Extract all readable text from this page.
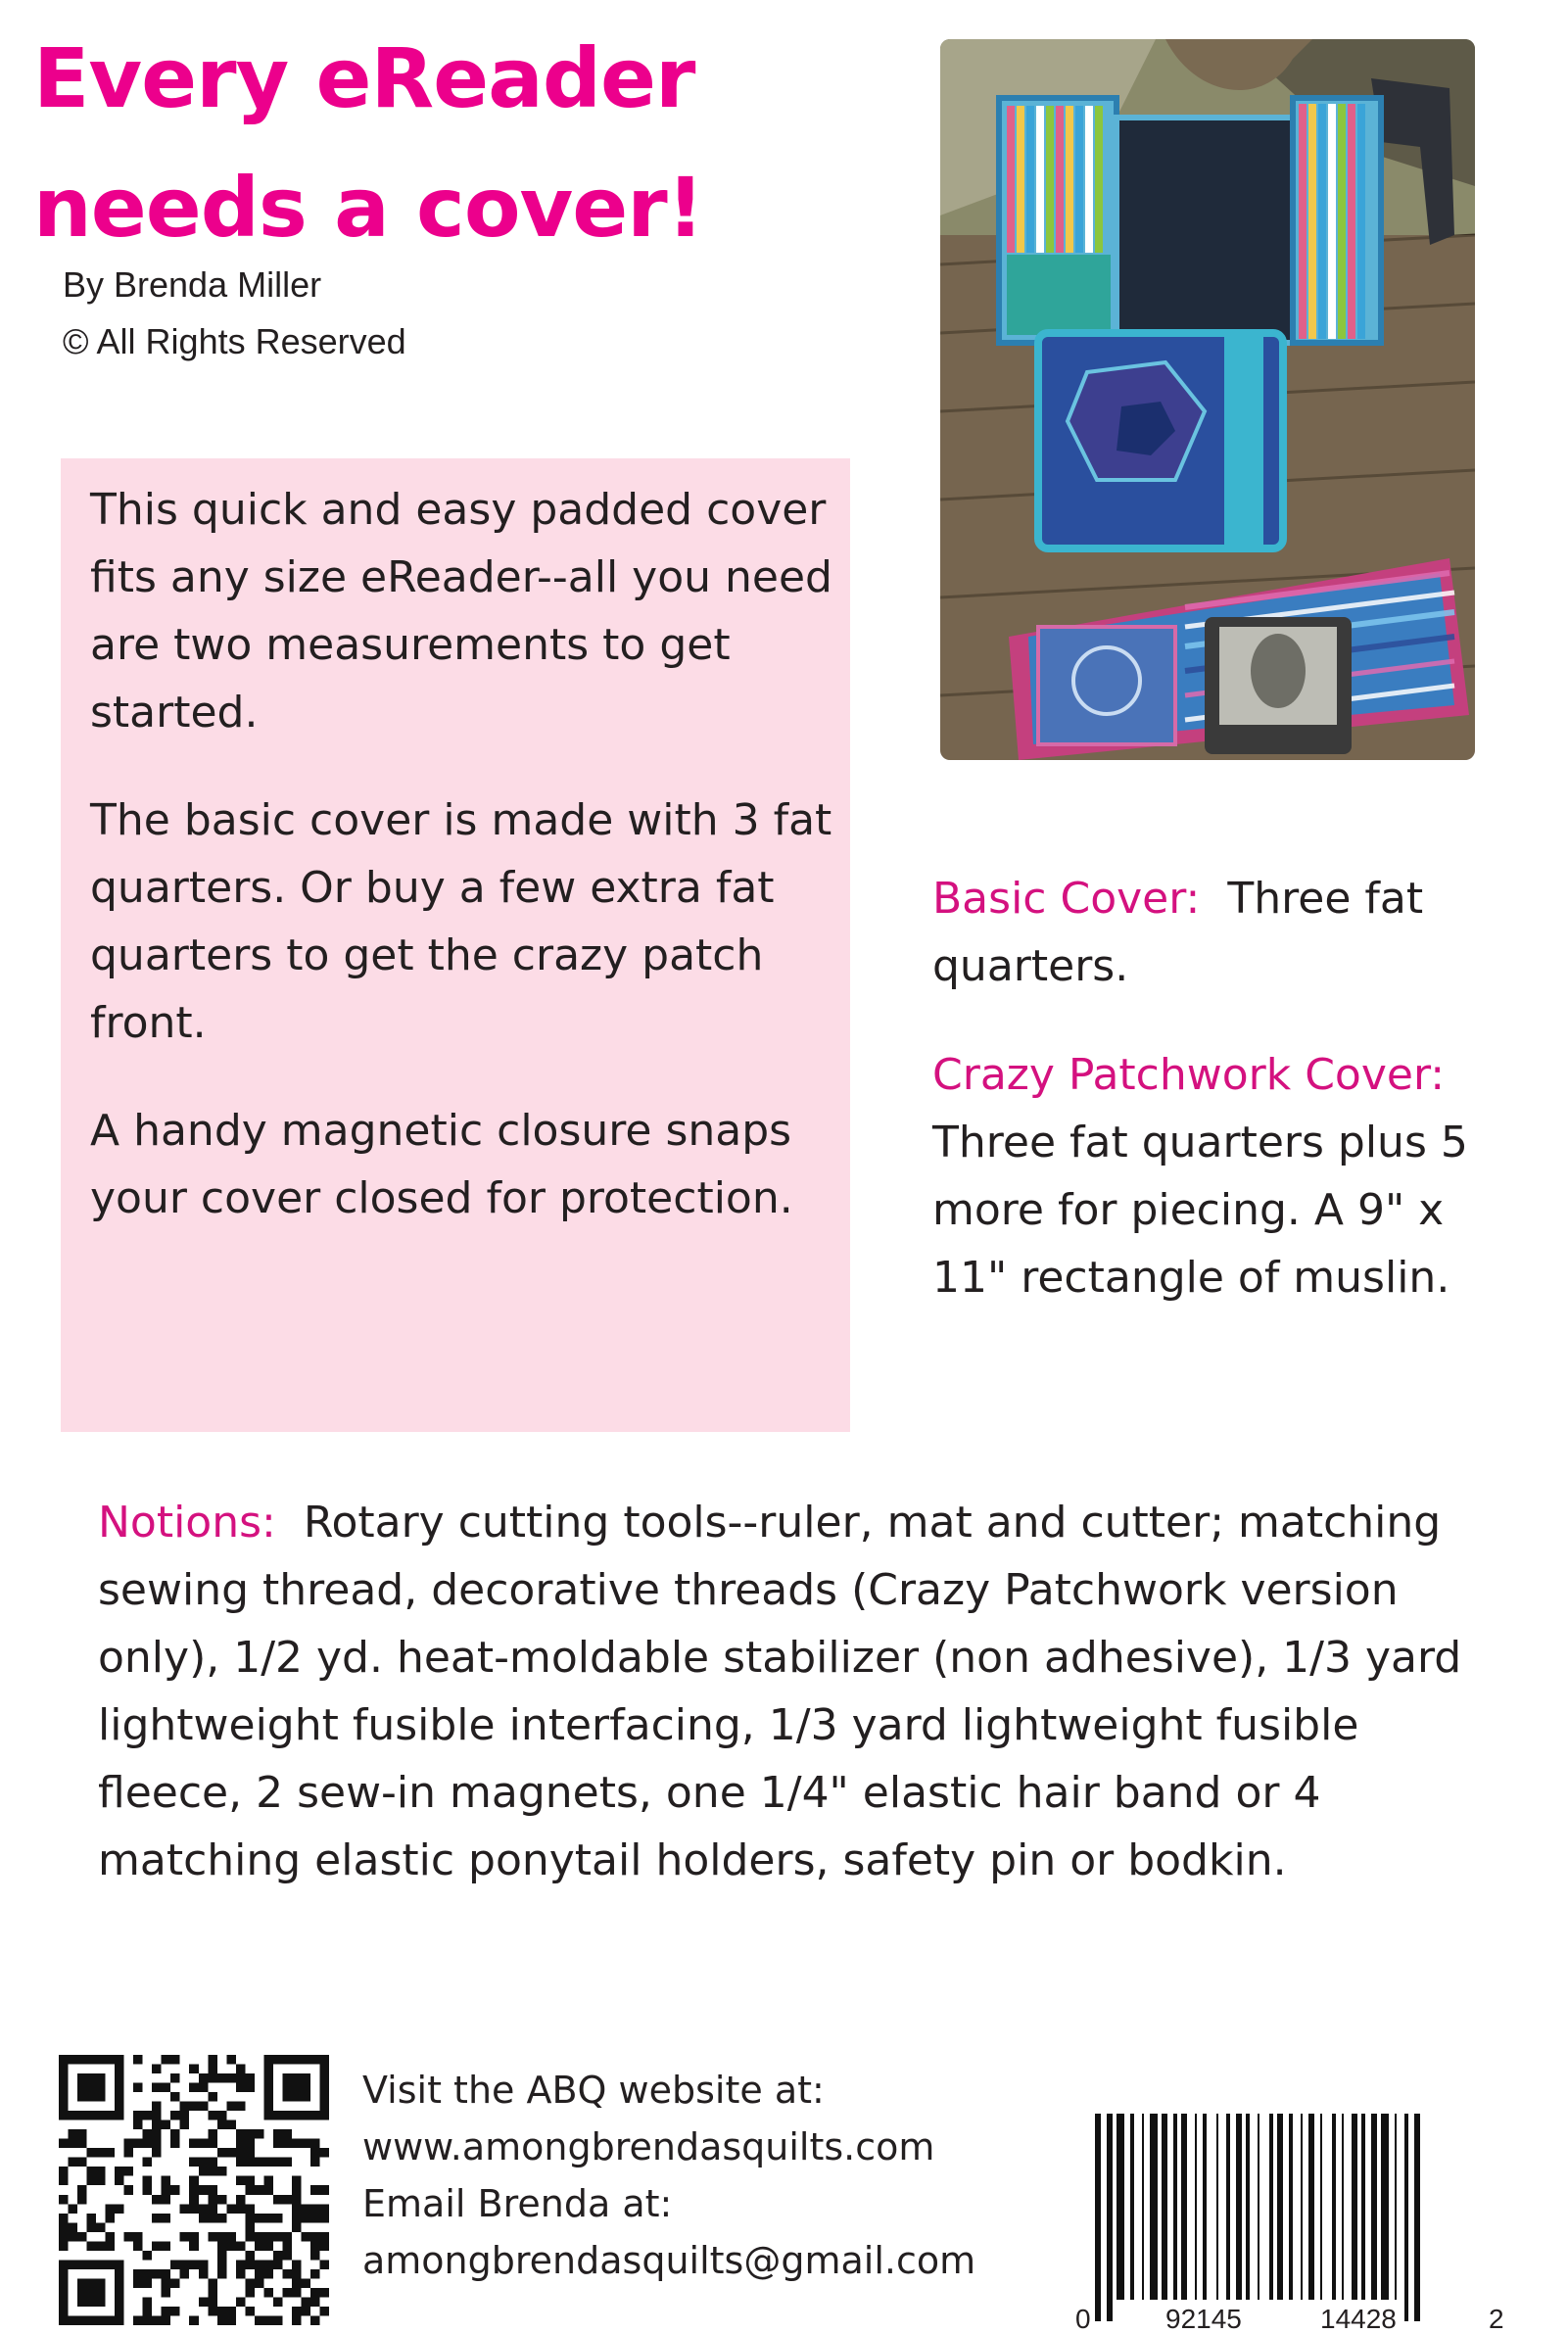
Every eReader
needs a cover!
By Brenda Miller
© All Rights Reserved

This quick and easy padded cover fits any size eReader--all you need are two measurements to get started.

The basic cover is made with 3 fat quarters. Or buy a few extra fat quarters to get the crazy patch front.

A handy magnetic closure snaps your cover closed for protection.

Basic Cover: Three fat quarters.

Crazy Patchwork Cover:  Three fat quarters plus 5 more for piecing. A 9" x 11" rectangle of muslin.

Notions: Rotary cutting tools--ruler, mat and cutter; matching sewing thread, decorative threads (Crazy Patchwork version only), 1/2 yd. heat-moldable stabilizer (non adhesive), 1/3 yard lightweight fusible interfacing, 1/3 yard lightweight fusible fleece, 2 sew-in magnets, one 1/4" elastic hair band or 4 matching elastic ponytail holders, safety pin or bodkin.

Visit the ABQ website at:
www.amongbrendasquilts.com
Email Brenda at:
amongbrendasquilts@gmail.com
0	92145	14428	2
